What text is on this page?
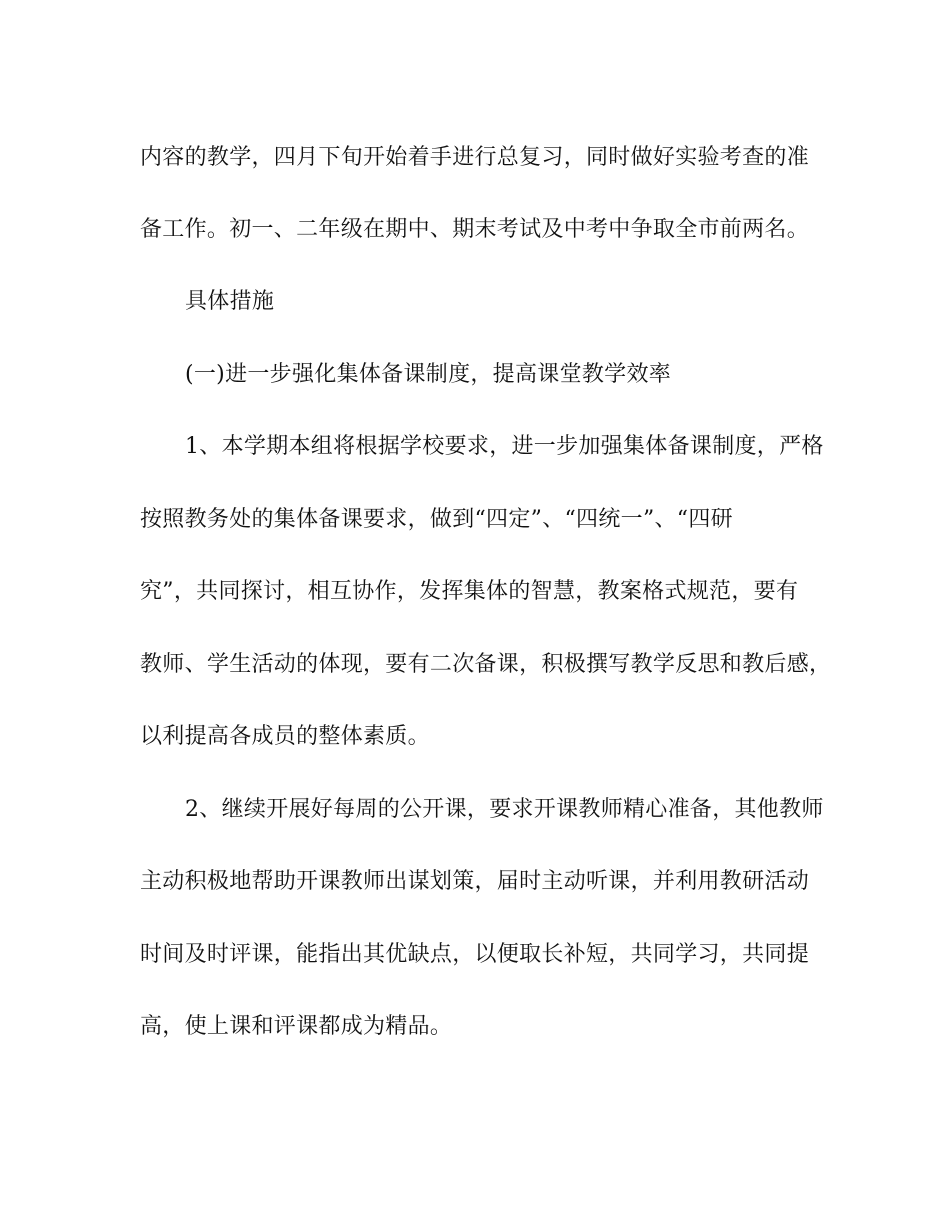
内容的教学，四月下旬开始着手进行总复习，同时做好实验考查的准
备工作。初一、二年级在期中、期末考试及中考中争取全市前两名。
具体措施
(一)进一步强化集体备课制度，提高课堂教学效率
1、本学期本组将根据学校要求，进一步加强集体备课制度，严格
按照教务处的集体备课要求，做到“四定”、“四统一”、“四研
究”，共同探讨，相互协作，发挥集体的智慧，教案格式规范，要有
教师、学生活动的体现，要有二次备课，积极撰写教学反思和教后感，
以利提高各成员的整体素质。
2、继续开展好每周的公开课，要求开课教师精心准备，其他教师
主动积极地帮助开课教师出谋划策，届时主动听课，并利用教研活动
时间及时评课，能指出其优缺点，以便取长补短，共同学习，共同提
高，使上课和评课都成为精品。
